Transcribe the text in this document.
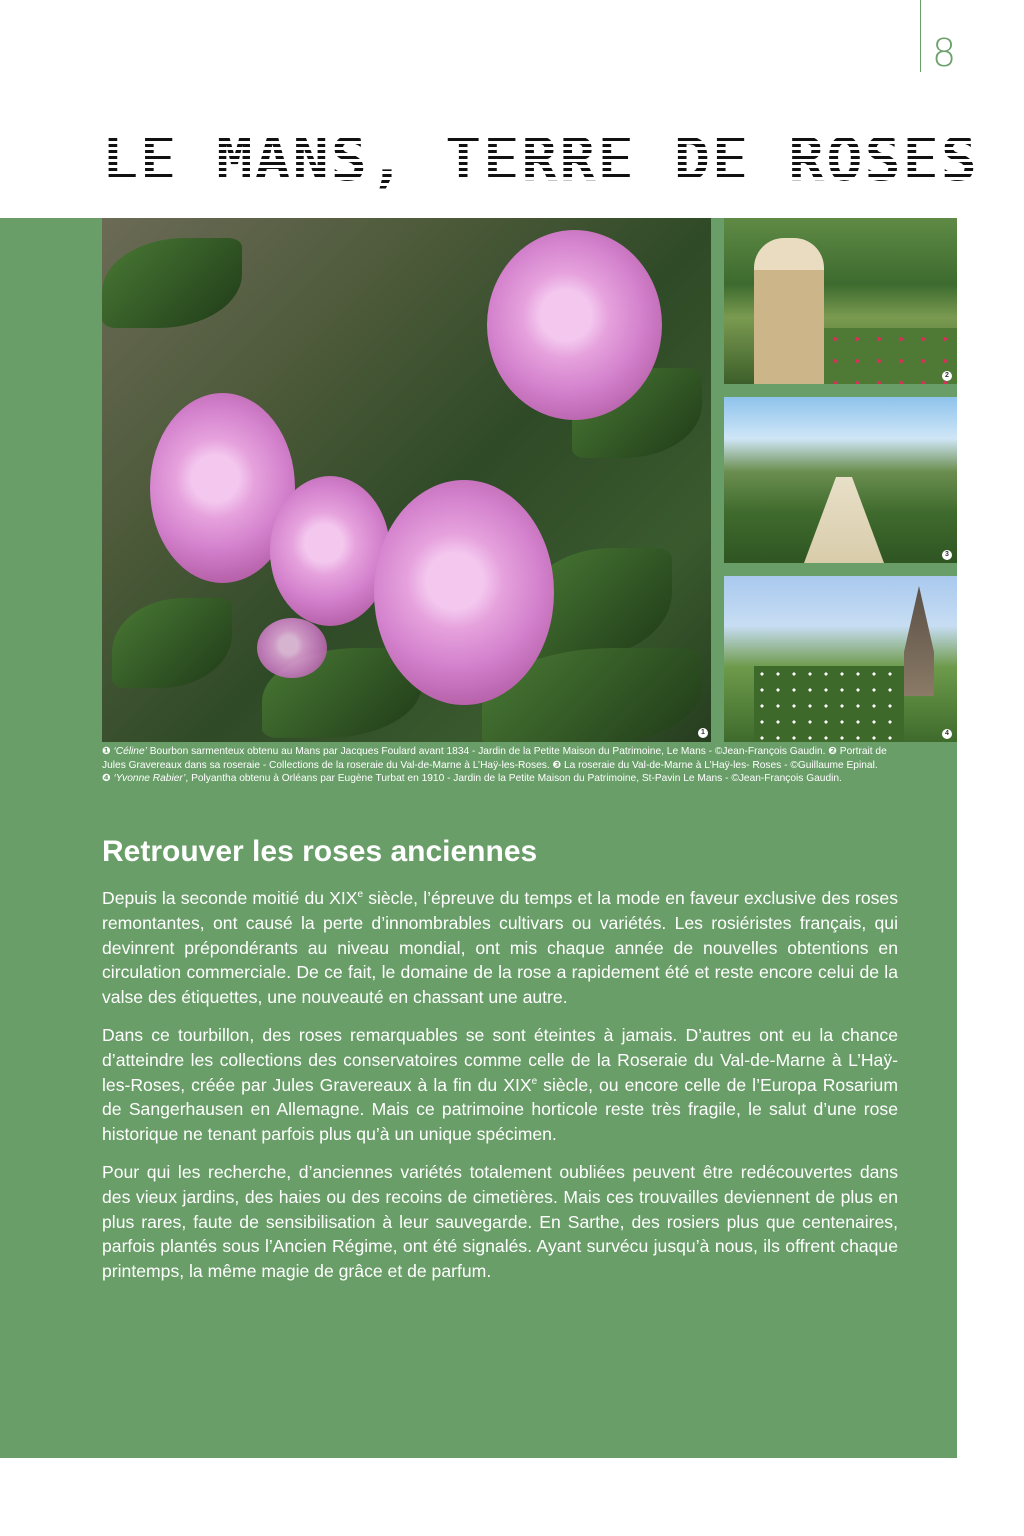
8
LE MANS, TERRE DE ROSES
1
2
3
4
❶ ‘Céline’ Bourbon sarmenteux obtenu au Mans par Jacques Foulard avant 1834 - Jardin de la Petite Maison du Patrimoine, Le Mans - ©Jean-François Gaudin. ❷ Portrait de Jules Gravereaux dans sa roseraie - Collections de la roseraie du Val-de-Marne à L’Haÿ-les-Roses. ❸ La roseraie du Val-de-Marne à L’Haÿ-les- Roses - ©Guillaume Epinal.
❹ ‘Yvonne Rabier’, Polyantha obtenu à Orléans par Eugène Turbat en 1910 - Jardin de la Petite Maison du Patrimoine, St-Pavin Le Mans - ©Jean-François Gaudin.
Retrouver les roses anciennes

Depuis la seconde moitié du XIXe siècle, l’épreuve du temps et la mode en faveur exclusive des roses remontantes, ont causé la perte d’innombrables cultivars ou variétés. Les rosiéristes français, qui devinrent prépondérants au niveau mondial, ont mis chaque année de nouvelles obtentions en circulation commerciale. De ce fait, le domaine de la rose a rapidement été et reste encore celui de la valse des étiquettes, une nouveauté en chassant une autre.

Dans ce tourbillon, des roses remarquables se sont éteintes à jamais. D’autres ont eu la chance d’atteindre les collections des conservatoires comme celle de la Roseraie du Val-de-Marne à L’Haÿ-les-Roses, créée par Jules Gravereaux à la fin du XIXe siècle, ou encore celle de l’Europa Rosarium de Sangerhausen en Allemagne. Mais ce patrimoine horticole reste très fragile, le salut d’une rose historique ne tenant parfois plus qu’à un unique spécimen.

Pour qui les recherche, d’anciennes variétés totalement oubliées peuvent être redécouvertes dans des vieux jardins, des haies ou des recoins de cimetières. Mais ces trouvailles deviennent de plus en plus rares, faute de sensibilisation à leur sauvegarde. En Sarthe, des rosiers plus que centenaires, parfois plantés sous l’Ancien Régime, ont été signalés. Ayant survécu jusqu’à nous, ils offrent chaque printemps, la même magie de grâce et de parfum.
